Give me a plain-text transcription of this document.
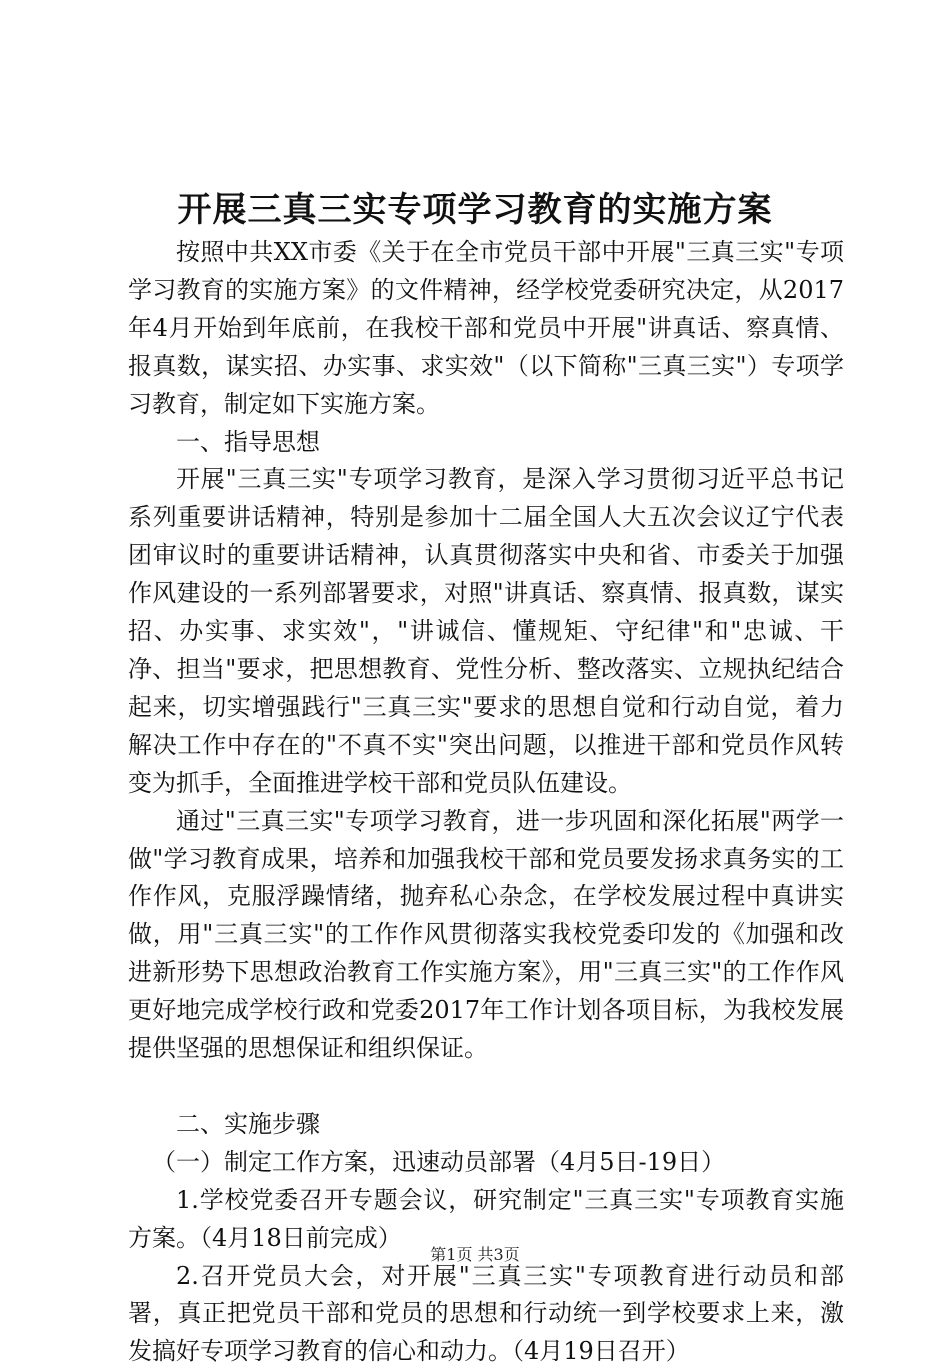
开展三真三实专项学习教育的实施方案

按照中共XX市委《关于在全市党员干部中开展"三真三实"专项学习教育的实施方案》的文件精神，经学校党委研究决定，从2017年4月开始到年底前，在我校干部和党员中开展"讲真话、察真情、报真数，谋实招、办实事、求实效"（以下简称"三真三实"）专项学习教育，制定如下实施方案。

一、指导思想

开展"三真三实"专项学习教育，是深入学习贯彻习近平总书记系列重要讲话精神，特别是参加十二届全国人大五次会议辽宁代表团审议时的重要讲话精神，认真贯彻落实中央和省、市委关于加强作风建设的一系列部署要求，对照"讲真话、察真情、报真数，谋实招、办实事、求实效"，"讲诚信、懂规矩、守纪律"和"忠诚、干净、担当"要求，把思想教育、党性分析、整改落实、立规执纪结合起来，切实增强践行"三真三实"要求的思想自觉和行动自觉，着力解决工作中存在的"不真不实"突出问题，以推进干部和党员作风转变为抓手，全面推进学校干部和党员队伍建设。

通过"三真三实"专项学习教育，进一步巩固和深化拓展"两学一做"学习教育成果，培养和加强我校干部和党员要发扬求真务实的工作作风，克服浮躁情绪，抛弃私心杂念，在学校发展过程中真讲实做，用"三真三实"的工作作风贯彻落实我校党委印发的《加强和改进新形势下思想政治教育工作实施方案》，用"三真三实"的工作作风更好地完成学校行政和党委2017年工作计划各项目标，为我校发展提供坚强的思想保证和组织保证。

二、实施步骤

（一）制定工作方案，迅速动员部署（4月5日-19日）

1.学校党委召开专题会议，研究制定"三真三实"专项教育实施方案。（4月18日前完成）

2.召开党员大会，对开展"三真三实"专项教育进行动员和部署，真正把党员干部和党员的思想和行动统一到学校要求上来，激发搞好专项学习教育的信心和动力。（4月19日召开）

第1页 共3页
